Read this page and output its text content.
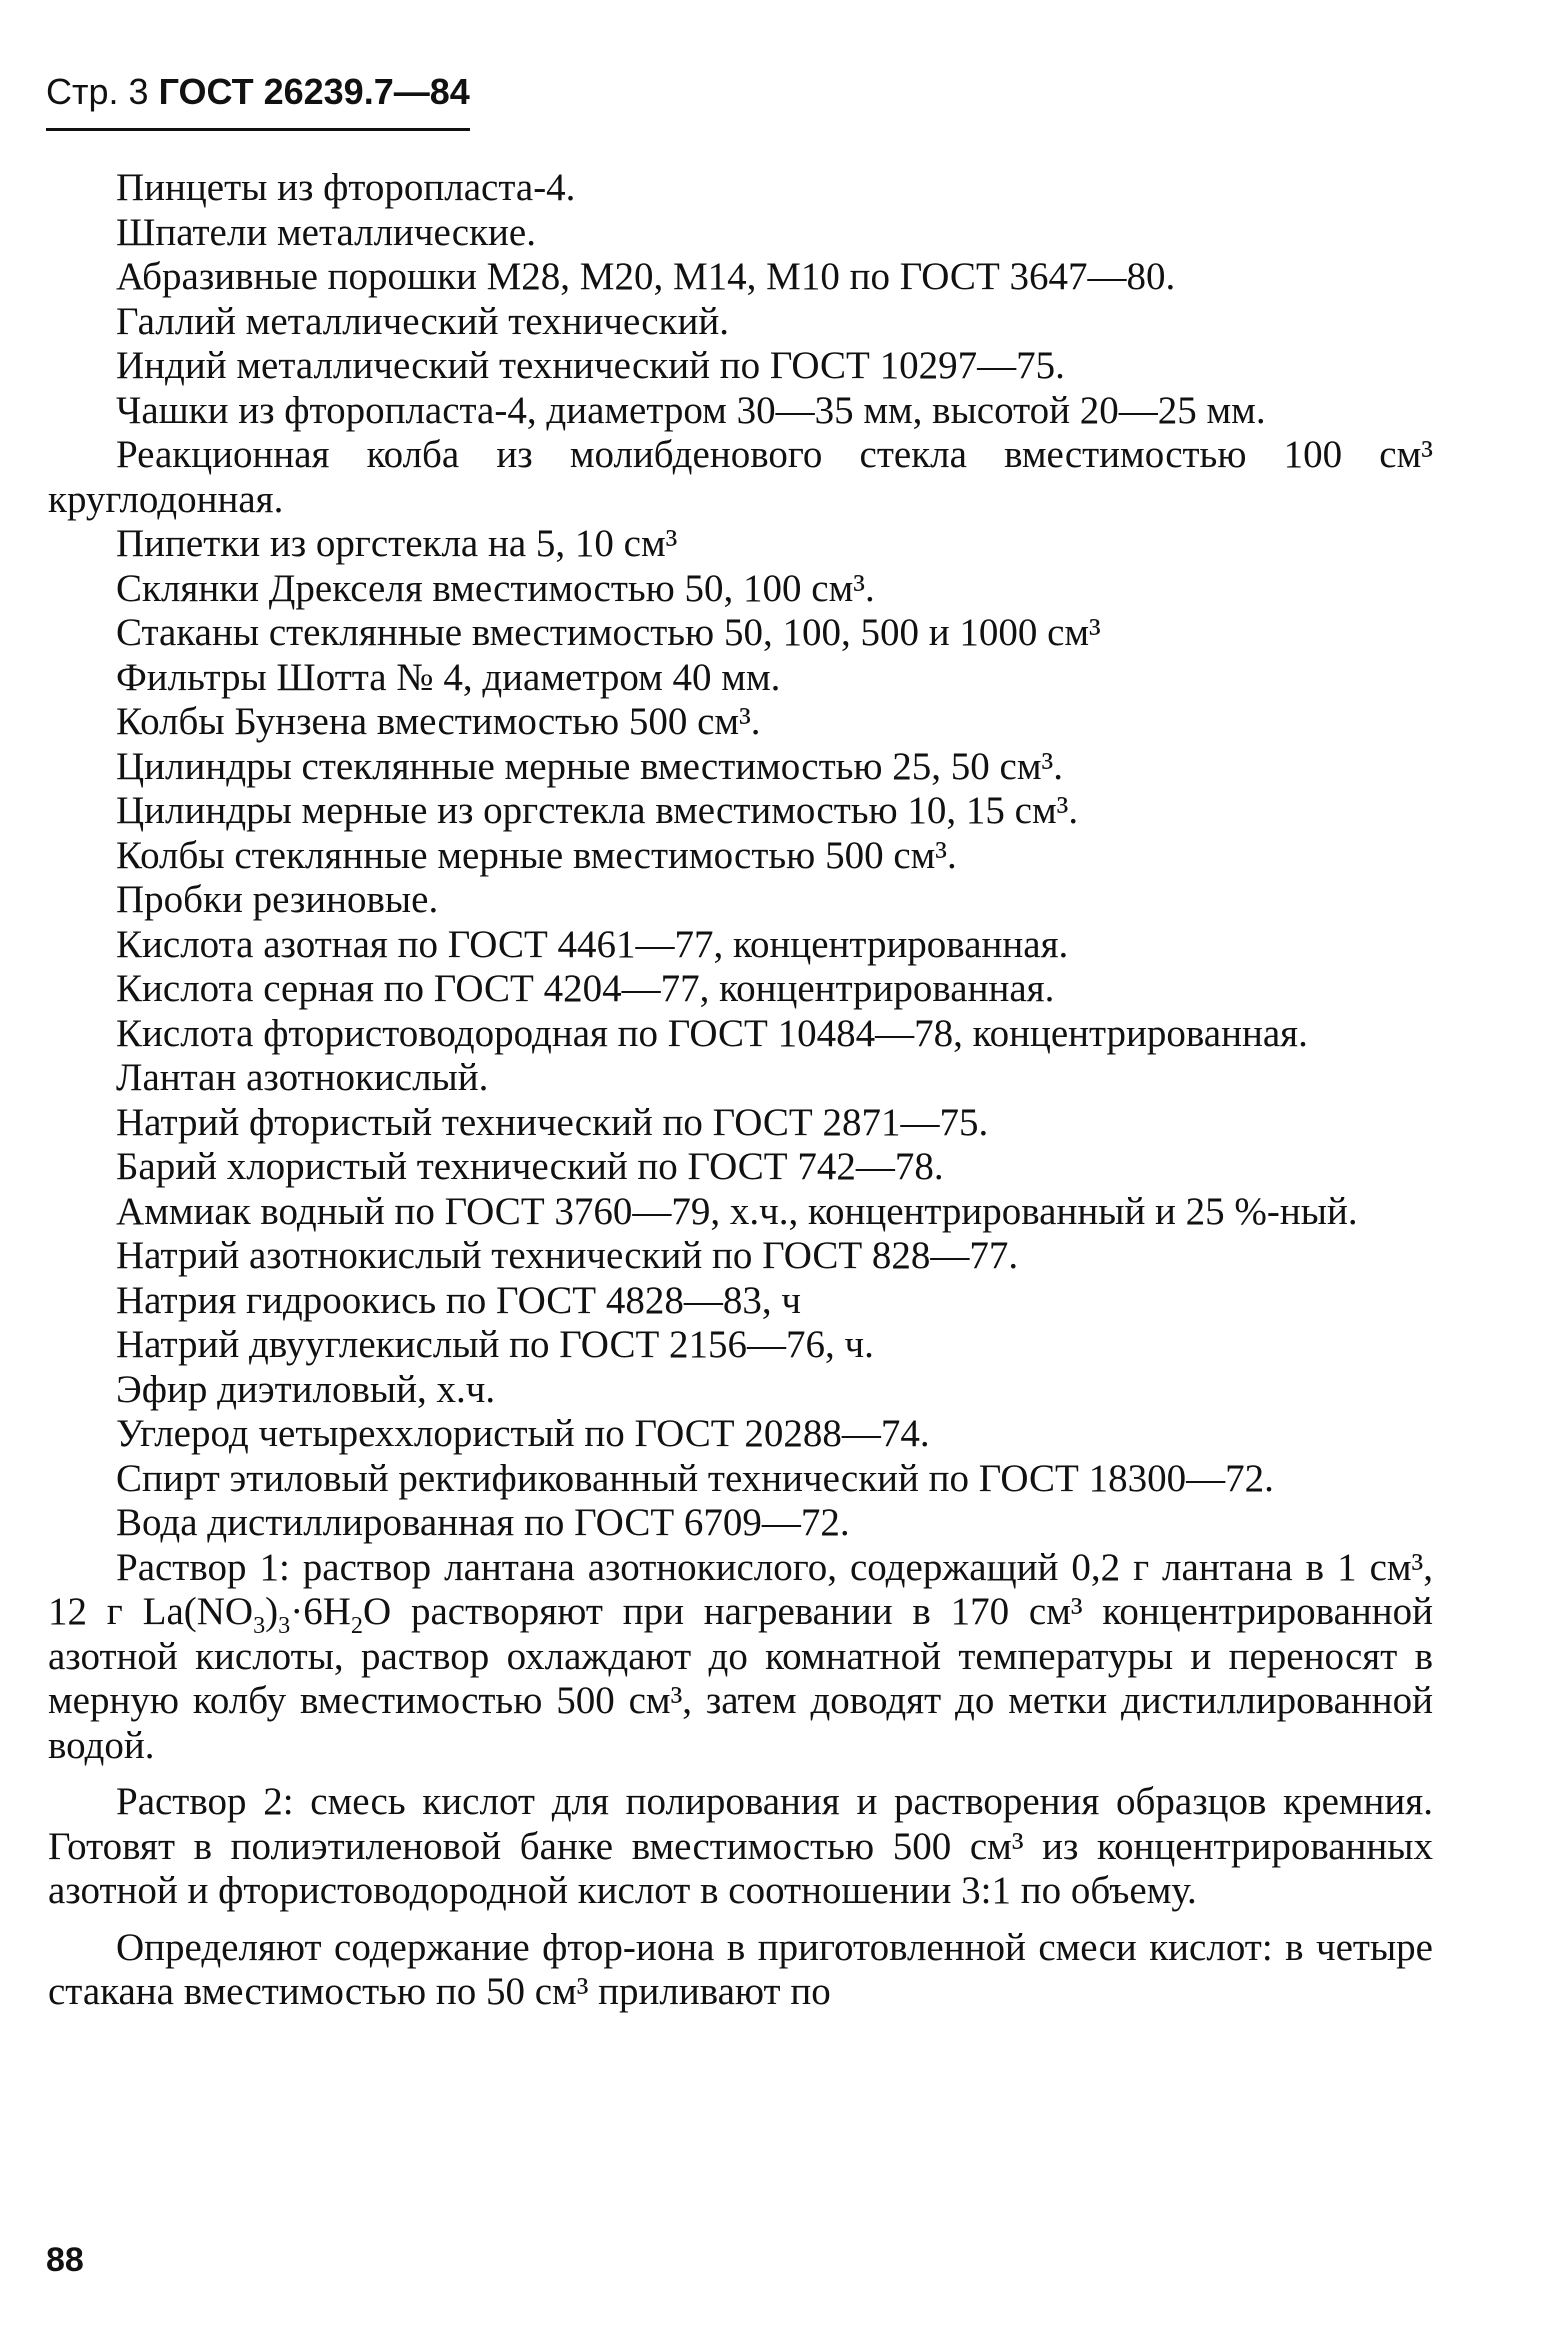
Стр. 3 ГОСТ 26239.7—84

Пинцеты из фторопласта-4.

Шпатели металлические.

Абразивные порошки М28, М20, М14, М10 по ГОСТ 3647—80.

Галлий металлический технический.

Индий металлический технический по ГОСТ 10297—75.

Чашки из фторопласта-4, диаметром 30—35 мм, высотой 20—25 мм.

Реакционная колба из молибденового стекла вместимостью 100 см³ круглодонная.

Пипетки из оргстекла на 5, 10 см³

Склянки Дрекселя вместимостью 50, 100 см³.

Стаканы стеклянные вместимостью 50, 100, 500 и 1000 см³

Фильтры Шотта № 4, диаметром 40 мм.

Колбы Бунзена вместимостью 500 см³.

Цилиндры стеклянные мерные вместимостью 25, 50 см³.

Цилиндры мерные из оргстекла вместимостью 10, 15 см³.

Колбы стеклянные мерные вместимостью 500 см³.

Пробки резиновые.

Кислота азотная по ГОСТ 4461—77, концентрированная.

Кислота серная по ГОСТ 4204—77, концентрированная.

Кислота фтористоводородная по ГОСТ 10484—78, концентрированная.

Лантан азотнокислый.

Натрий фтористый технический по ГОСТ 2871—75.

Барий хлористый технический по ГОСТ 742—78.

Аммиак водный по ГОСТ 3760—79, х.ч., концентрированный и 25 %-ный.

Натрий азотнокислый технический по ГОСТ 828—77.

Натрия гидроокись по ГОСТ 4828—83, ч

Натрий двууглекислый по ГОСТ 2156—76, ч.

Эфир диэтиловый, х.ч.

Углерод четыреххлористый по ГОСТ 20288—74.

Спирт этиловый ректификованный технический по ГОСТ 18300—72.

Вода дистиллированная по ГОСТ 6709—72.

Раствор 1: раствор лантана азотнокислого, содержащий 0,2 г лантана в 1 см³, 12 г $La(NO_3)_3\cdot 6H_2O$ растворяют при нагревании в 170 см³ концентрированной азотной кислоты, раствор охлаждают до комнатной температуры и переносят в мерную колбу вместимостью 500 см³, затем доводят до метки дистиллированной водой.

Раствор 2: смесь кислот для полирования и растворения образцов кремния. Готовят в полиэтиленовой банке вместимостью 500 см³ из концентрированных азотной и фтористоводородной кислот в соотношении 3:1 по объему.

Определяют содержание фтор-иона в приготовленной смеси кислот: в четыре стакана вместимостью по 50 см³ приливают по

88
